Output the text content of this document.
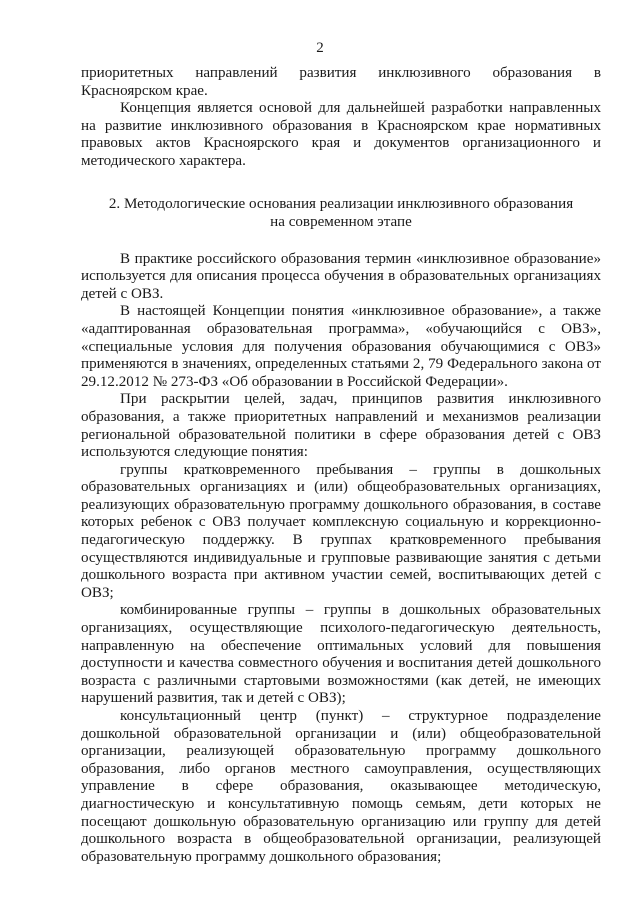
2

приоритетных направлений развития инклюзивного образования в Красноярском крае.

Концепция является основой для дальнейшей разработки направленных на развитие инклюзивного образования в Красноярском крае нормативных правовых актов Красноярского края и документов организационного и методического характера.

2. Методологические основания реализации инклюзивного образования
на современном этапе

В практике российского образования термин «инклюзивное образование» используется для описания процесса обучения в образовательных организациях детей с ОВЗ.

В настоящей Концепции понятия «инклюзивное образование», а также «адаптированная образовательная программа», «обучающийся с ОВЗ», «специальные условия для получения образования обучающимися с ОВЗ» применяются в значениях, определенных статьями 2, 79 Федерального закона от 29.12.2012 № 273-ФЗ «Об образовании в Российской Федерации».

При раскрытии целей, задач, принципов развития инклюзивного образования, а также приоритетных направлений и механизмов реализации региональной образовательной политики в сфере образования детей с ОВЗ используются следующие понятия:

группы кратковременного пребывания – группы в дошкольных образовательных организациях и (или) общеобразовательных организациях, реализующих образовательную программу дошкольного образования, в составе которых ребенок с ОВЗ получает комплексную социальную и коррекционно-педагогическую поддержку. В группах кратковременного пребывания осуществляются индивидуальные и групповые развивающие занятия с детьми дошкольного возраста при активном участии семей, воспитывающих детей с ОВЗ;

комбинированные группы – группы в дошкольных образовательных организациях, осуществляющие психолого-педагогическую деятельность, направленную на обеспечение оптимальных условий для повышения доступности и качества совместного обучения и воспитания детей дошкольного возраста с различными стартовыми возможностями (как детей, не имеющих нарушений развития, так и детей с ОВЗ);

консультационный центр (пункт) – структурное подразделение дошкольной образовательной организации и (или) общеобразовательной организации, реализующей образовательную программу дошкольного образования, либо органов местного самоуправления, осуществляющих управление в сфере образования, оказывающее методическую, диагностическую и консультативную помощь семьям, дети которых не посещают дошкольную образовательную организацию или группу для детей дошкольного возраста в общеобразовательной организации, реализующей образовательную программу дошкольного образования;
